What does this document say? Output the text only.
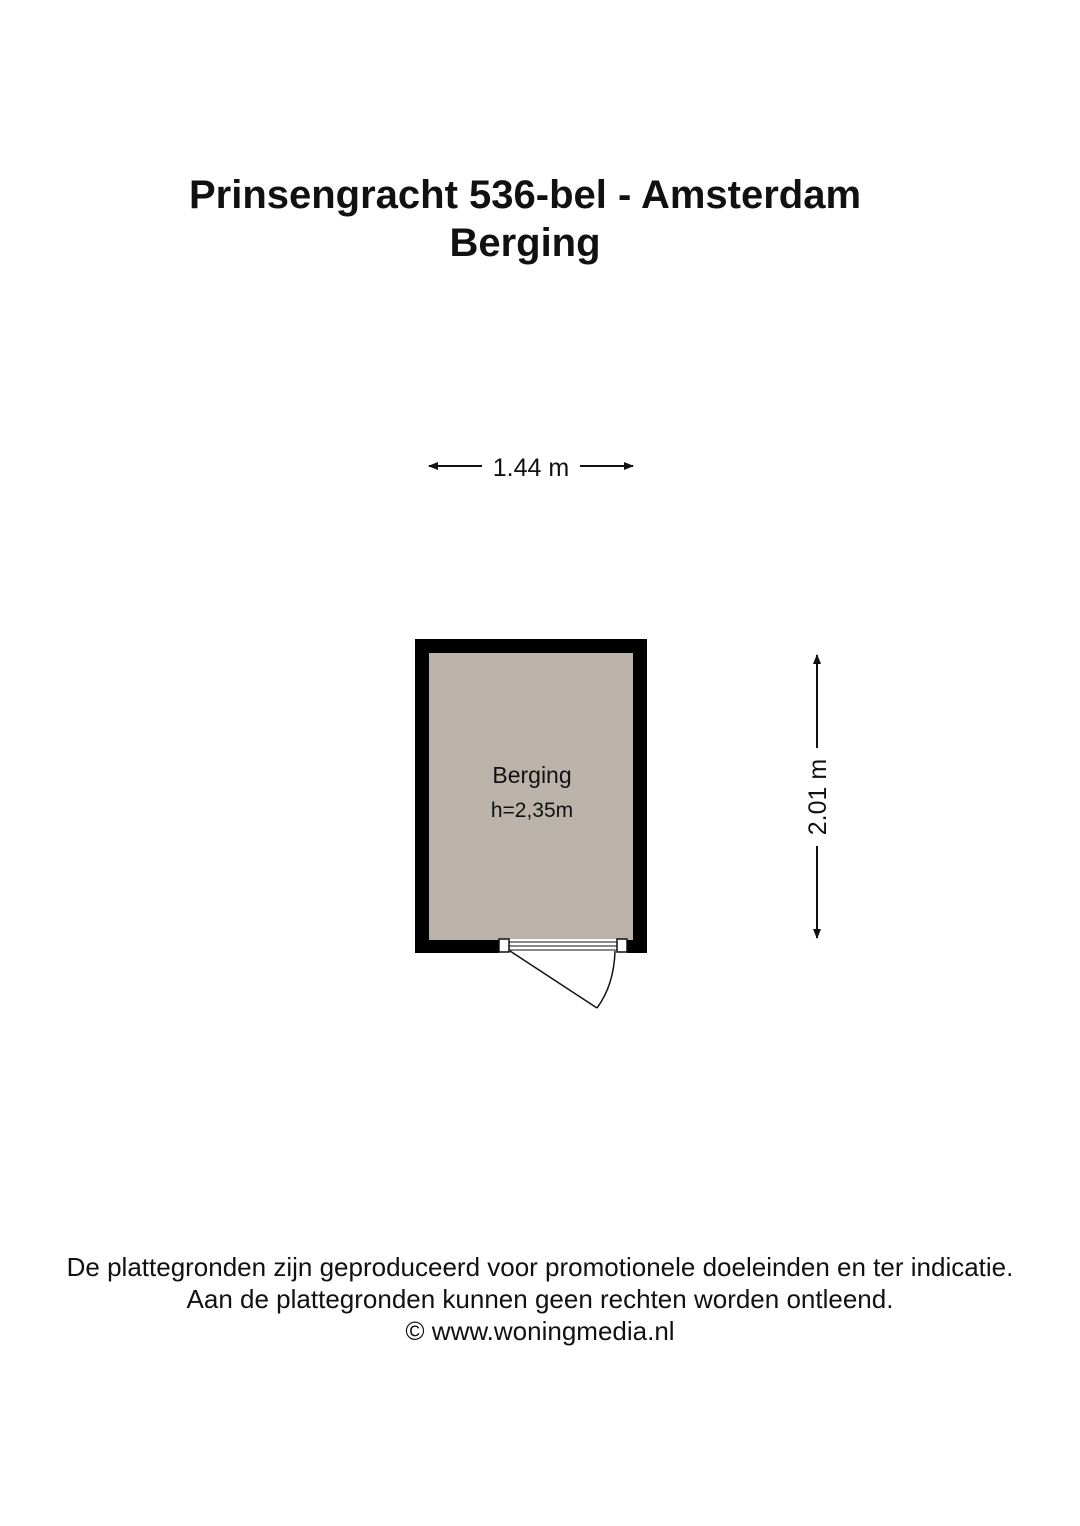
Prinsengracht 536-bel - Amsterdam
Berging
1.44 m
Berging
h=2,35m	2.01 m
De plattegronden zijn geproduceerd voor promotionele doeleinden en ter indicatie.
Aan de plattegronden kunnen geen rechten worden ontleend.
© www.woningmedia.nl
